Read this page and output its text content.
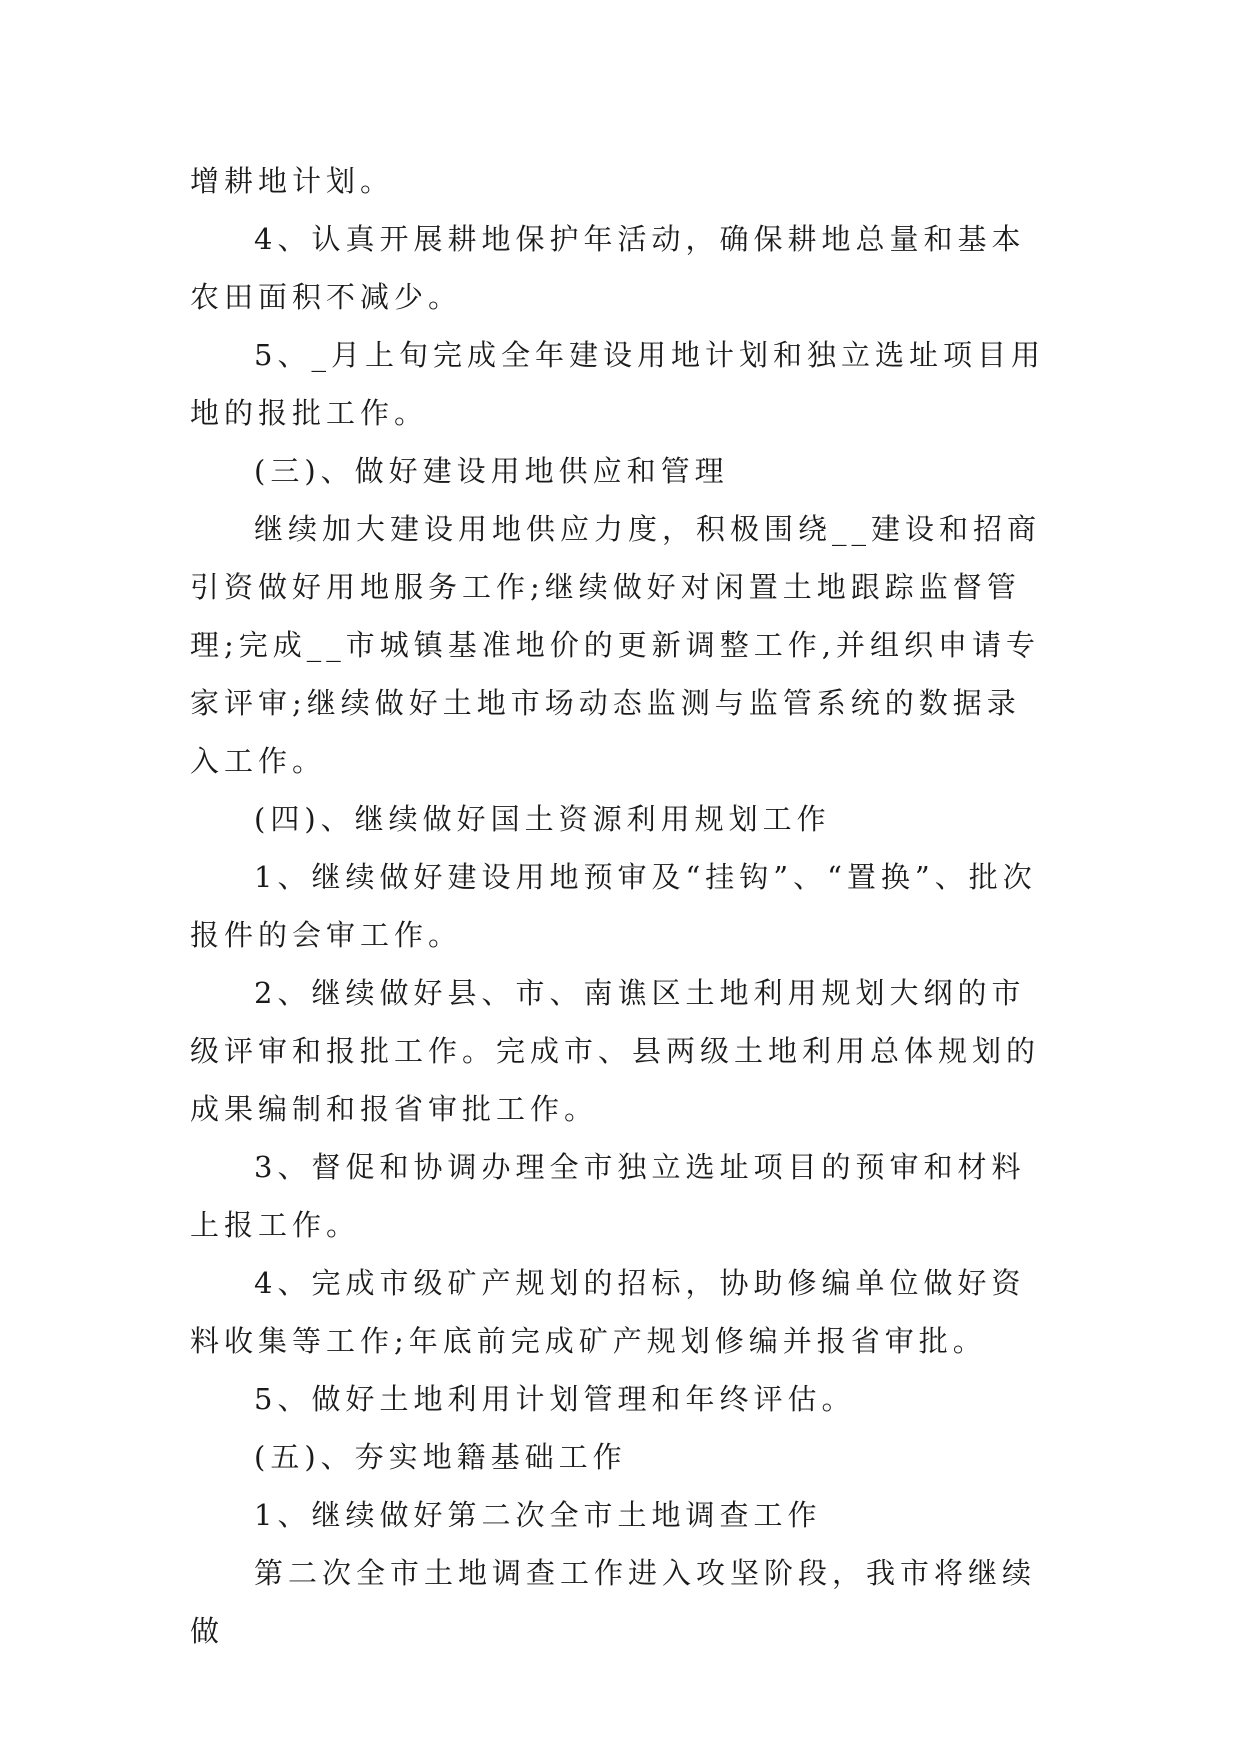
增耕地计划。

4、认真开展耕地保护年活动，确保耕地总量和基本农田面积不减少。

5、_月上旬完成全年建设用地计划和独立选址项目用地的报批工作。

(三)、做好建设用地供应和管理

继续加大建设用地供应力度，积极围绕__建设和招商引资做好用地服务工作;继续做好对闲置土地跟踪监督管理;完成__市城镇基准地价的更新调整工作,并组织申请专家评审;继续做好土地市场动态监测与监管系统的数据录入工作。

(四)、继续做好国土资源利用规划工作

1、继续做好建设用地预审及“挂钩”、“置换”、批次报件的会审工作。

2、继续做好县、市、南谯区土地利用规划大纲的市级评审和报批工作。完成市、县两级土地利用总体规划的成果编制和报省审批工作。

3、督促和协调办理全市独立选址项目的预审和材料上报工作。

4、完成市级矿产规划的招标，协助修编单位做好资料收集等工作;年底前完成矿产规划修编并报省审批。

5、做好土地利用计划管理和年终评估。

(五)、夯实地籍基础工作

1、继续做好第二次全市土地调查工作

第二次全市土地调查工作进入攻坚阶段，我市将继续做
